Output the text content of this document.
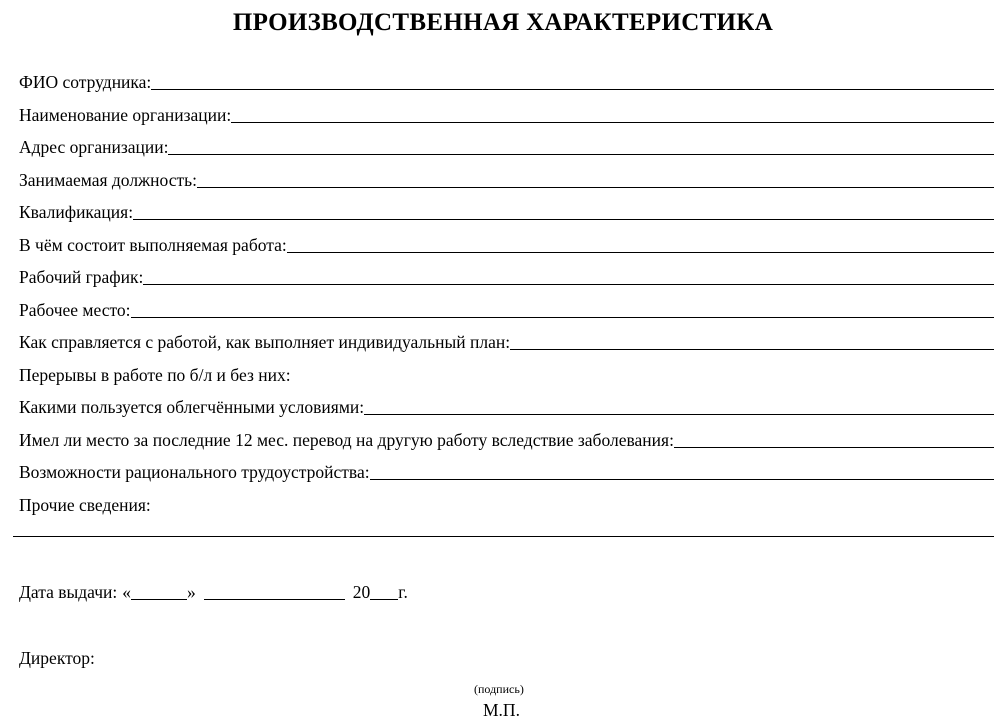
ПРОИЗВОДСТВЕННАЯ ХАРАКТЕРИСТИКА
ФИО сотрудника:
Наименование организации:
Адрес организации:
Занимаемая должность:
Квалификация:
В чём состоит выполняемая работа:
Рабочий график:
Рабочее место:
Как справляется с работой, как выполняет индивидуальный план:
Перерывы в работе по б/л и без них:
Какими пользуется облегчёнными условиями:
Имел ли место за последние 12 мес. перевод на другую работу вследствие заболевания:
Возможности рационального трудоустройства:
Прочие сведения:
Дата выдачи: «	»	20 г.
Директор:
(подпись)
М.П.
